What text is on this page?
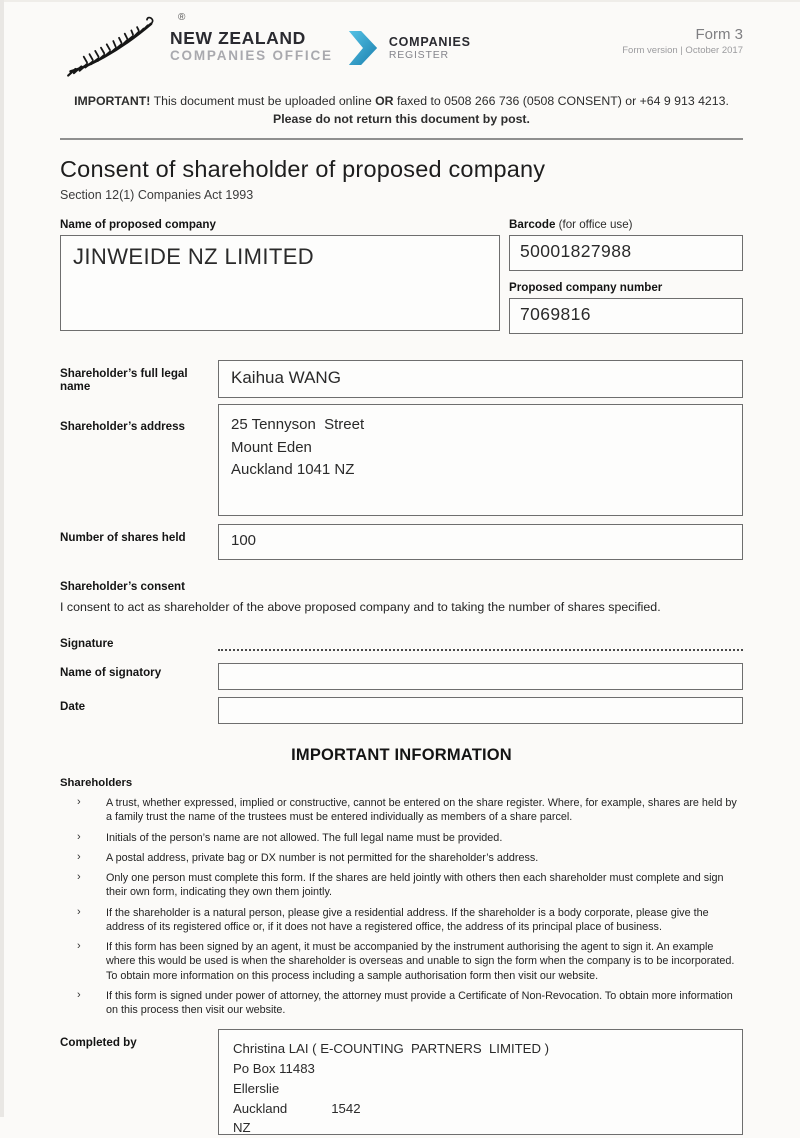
®
NEW ZEALAND
COMPANIES OFFICE
COMPANIES
REGISTER
Form 3
Form version | October 2017
IMPORTANT! This document must be uploaded online OR faxed to 0508 266 736 (0508 CONSENT) or +64 9 913 4213.
Please do not return this document by post.
Consent of shareholder of proposed company
Section 12(1) Companies Act 1993
Name of proposed company
JINWEIDE NZ LIMITED
Barcode (for office use)
50001827988
Proposed company number
7069816
Shareholder’s full legal name	Kaihua WANG
Shareholder’s address	25 Tennyson  Street
Mount Eden
Auckland 1041 NZ
Number of shares held	100
Shareholder’s consent
I consent to act as shareholder of the above proposed company and to taking the number of shares specified.
Signature
Name of signatory
Date
IMPORTANT INFORMATION
Shareholders
›	A trust, whether expressed, implied or constructive, cannot be entered on the share register. Where, for example, shares are held by a family trust the name of the trustees must be entered individually as members of a share parcel.
›	Initials of the person’s name are not allowed. The full legal name must be provided.
›	A postal address, private bag or DX number is not permitted for the shareholder’s address.
›	Only one person must complete this form. If the shares are held jointly with others then each shareholder must complete and sign their own form, indicating they own them jointly.
›	If the shareholder is a natural person, please give a residential address. If the shareholder is a body corporate, please give the address of its registered office or, if it does not have a registered office, the address of its principal place of business.
›	If this form has been signed by an agent, it must be accompanied by the instrument authorising the agent to sign it. An example where this would be used is when the shareholder is overseas and unable to sign the form when the company is to be incorporated. To obtain more information on this process including a sample authorisation form then visit our website.
›	If this form is signed under power of attorney, the attorney must provide a Certificate of Non-Revocation. To obtain more information on this process then visit our website.
Completed by	Christina LAI ( E-COUNTING  PARTNERS  LIMITED )
Po Box 11483
Ellerslie
Auckland            1542
NZ
